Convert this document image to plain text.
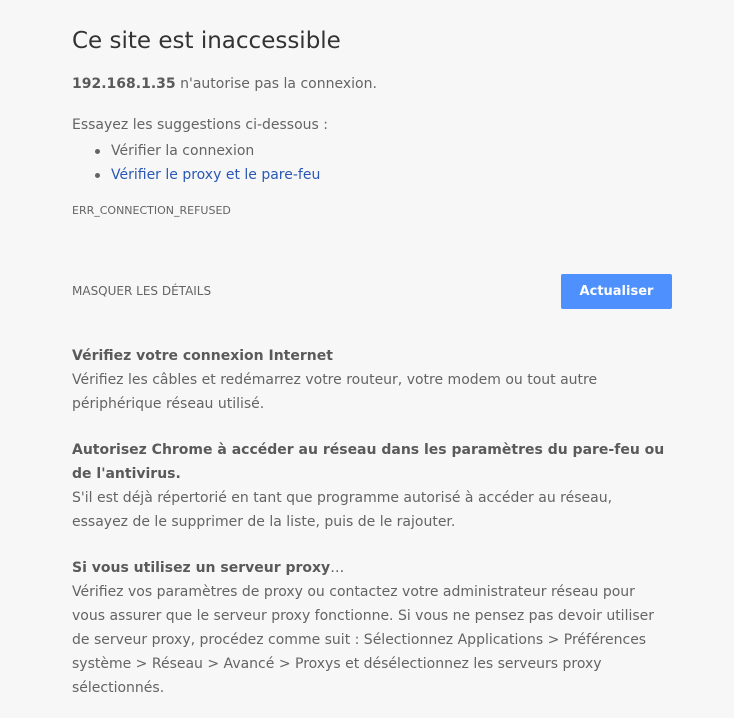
Ce site est inaccessible
192.168.1.35 n'autorise pas la connexion.
Essayez les suggestions ci-dessous :
Vérifier la connexion
Vérifier le proxy et le pare-feu
ERR_CONNECTION_REFUSED
MASQUER LES DÉTAILS	Actualiser
Vérifiez votre connexion Internet

Vérifiez les câbles et redémarrez votre routeur, votre modem ou tout autre périphérique réseau utilisé.

Autorisez Chrome à accéder au réseau dans les paramètres du pare-feu ou de l'antivirus.

S'il est déjà répertorié en tant que programme autorisé à accéder au réseau, essayez de le supprimer de la liste, puis de le rajouter.

Si vous utilisez un serveur proxy…

Vérifiez vos paramètres de proxy ou contactez votre administrateur réseau pour vous assurer que le serveur proxy fonctionne. Si vous ne pensez pas devoir utiliser de serveur proxy, procédez comme suit : Sélectionnez Applications > Préférences système > Réseau > Avancé > Proxys et désélectionnez les serveurs proxy sélectionnés.
